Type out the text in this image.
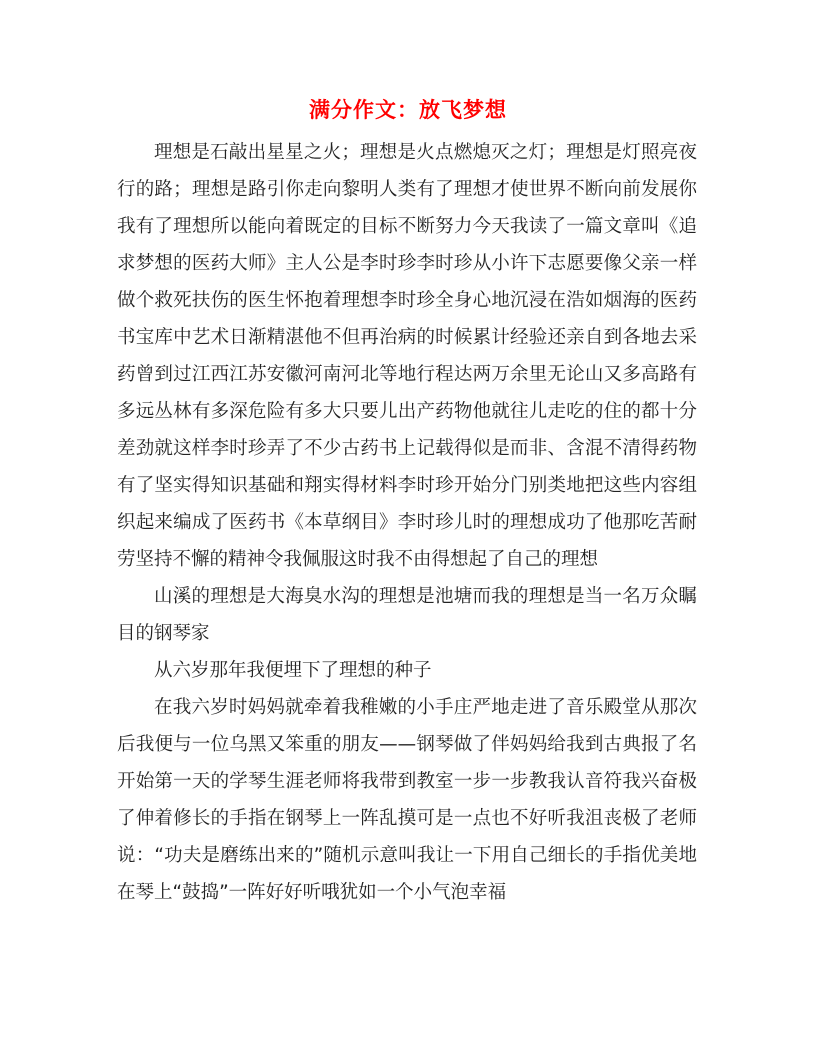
满分作文：放飞梦想

理想是石敲出星星之火；理想是火点燃熄灭之灯；理想是灯照亮夜行的路；理想是路引你走向黎明人类有了理想才使世界不断向前发展你我有了理想所以能向着既定的目标不断努力今天我读了一篇文章叫《追求梦想的医药大师》主人公是李时珍李时珍从小许下志愿要像父亲一样做个救死扶伤的医生怀抱着理想李时珍全身心地沉浸在浩如烟海的医药书宝库中艺术日渐精湛他不但再治病的时候累计经验还亲自到各地去采药曾到过江西江苏安徽河南河北等地行程达两万余里无论山又多高路有多远丛林有多深危险有多大只要儿出产药物他就往儿走吃的住的都十分差劲就这样李时珍弄了不少古药书上记载得似是而非、含混不清得药物有了坚实得知识基础和翔实得材料李时珍开始分门别类地把这些内容组织起来编成了医药书《本草纲目》李时珍儿时的理想成功了他那吃苦耐劳坚持不懈的精神令我佩服这时我不由得想起了自己的理想

山溪的理想是大海臭水沟的理想是池塘而我的理想是当一名万众瞩目的钢琴家

从六岁那年我便埋下了理想的种子

在我六岁时妈妈就牵着我稚嫩的小手庄严地走进了音乐殿堂从那次后我便与一位乌黑又笨重的朋友——钢琴做了伴妈妈给我到古典报了名开始第一天的学琴生涯老师将我带到教室一步一步教我认音符我兴奋极了伸着修长的手指在钢琴上一阵乱摸可是一点也不好听我沮丧极了老师说：“功夫是磨练出来的”随机示意叫我让一下用自己细长的手指优美地在琴上“鼓捣”一阵好好听哦犹如一个小气泡幸福
